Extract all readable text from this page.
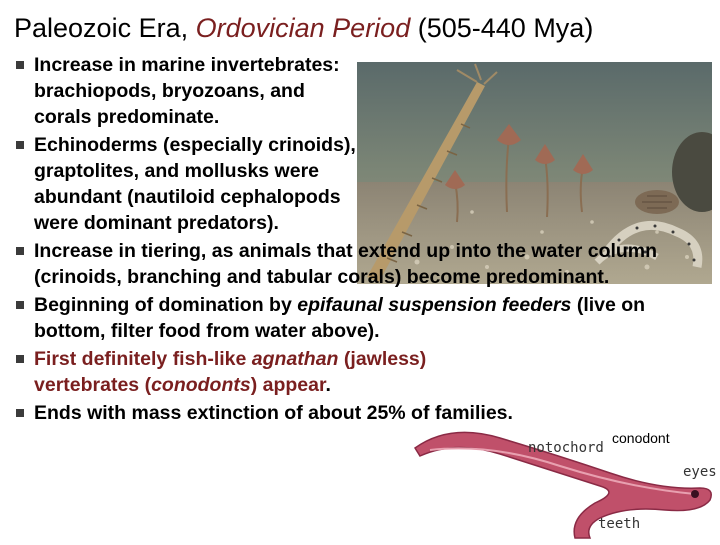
Paleozoic Era, Ordovician Period (505-440 Mya)
Increase in marine invertebrates: brachiopods, bryozoans, and corals predominate.
Echinoderms (especially crinoids), graptolites, and mollusks were abundant (nautiloid cephalopods were dominant predators).
Increase in tiering, as animals that extend up into the water column (crinoids, branching and tabular corals) become predominant.
Beginning of domination by epifaunal suspension feeders (live on bottom, filter food from water above).
First definitely fish-like agnathan (jawless) vertebrates (conodonts) appear.
Ends with mass extinction of about 25% of families.
conodont
notochord
eyes
teeth
